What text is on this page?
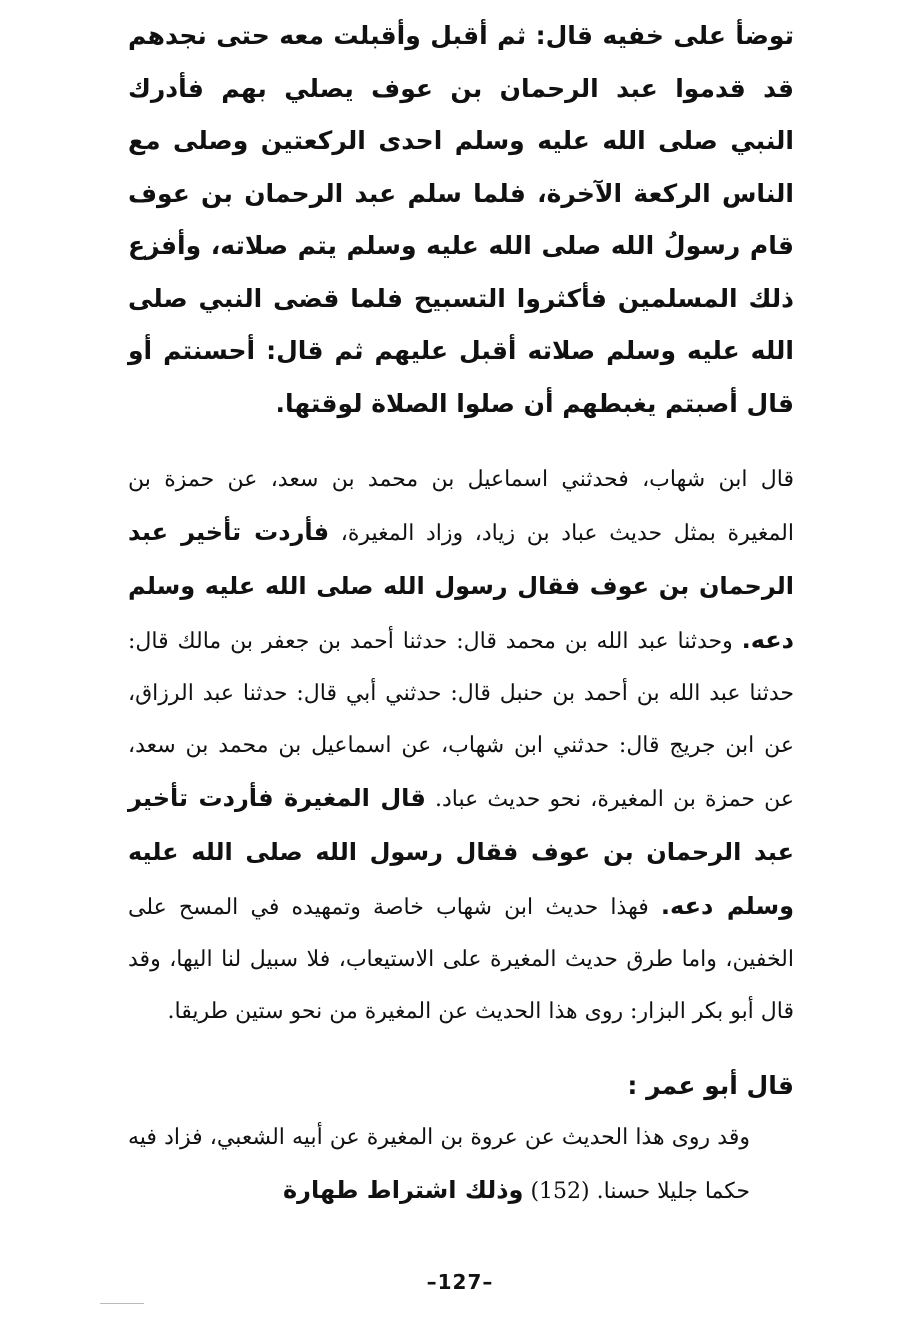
توضأ على خفيه قال: ثم أقبل وأقبلت معه حتى نجدهم قد قدموا عبد الرحمان بن عوف يصلي بهم فأدرك النبي صلى الله عليه وسلم احدى الركعتين وصلى مع الناس الركعة الآخرة، فلما سلم عبد الرحمان بن عوف قام رسولُ الله صلى الله عليه وسلم يتم صلاته، وأفزع ذلك المسلمين فأكثروا التسبيح فلما قضى النبي صلى الله عليه وسلم صلاته أقبل عليهم ثم قال: أحسنتم أو قال أصبتم يغبطهم أن صلوا الصلاة لوقتها.

قال ابن شهاب، فحدثني اسماعيل بن محمد بن سعد، عن حمزة بن المغيرة بمثل حديث عباد بن زياد، وزاد المغيرة، فأردت تأخير عبد الرحمان بن عوف فقال رسول الله صلى الله عليه وسلم دعه. وحدثنا عبد الله بن محمد قال: حدثنا أحمد بن جعفر بن مالك قال: حدثنا عبد الله بن أحمد بن حنبل قال: حدثني أبي قال: حدثنا عبد الرزاق، عن ابن جريج قال: حدثني ابن شهاب، عن اسماعيل بن محمد بن سعد، عن حمزة بن المغيرة، نحو حديث عباد. قال المغيرة فأردت تأخير عبد الرحمان بن عوف فقال رسول الله صلى الله عليه وسلم دعه. فهذا حديث ابن شهاب خاصة وتمهيده في المسح على الخفين، واما طرق حديث المغيرة على الاستيعاب، فلا سبيل لنا اليها، وقد قال أبو بكر البزار: روى هذا الحديث عن المغيرة من نحو ستين طريقا.

قال أبو عمر :

وقد روى هذا الحديث عن عروة بن المغيرة عن أبيه الشعبي، فزاد فيه حكما جليلا حسنا. (152) وذلك اشتراط طهارة

–127–
